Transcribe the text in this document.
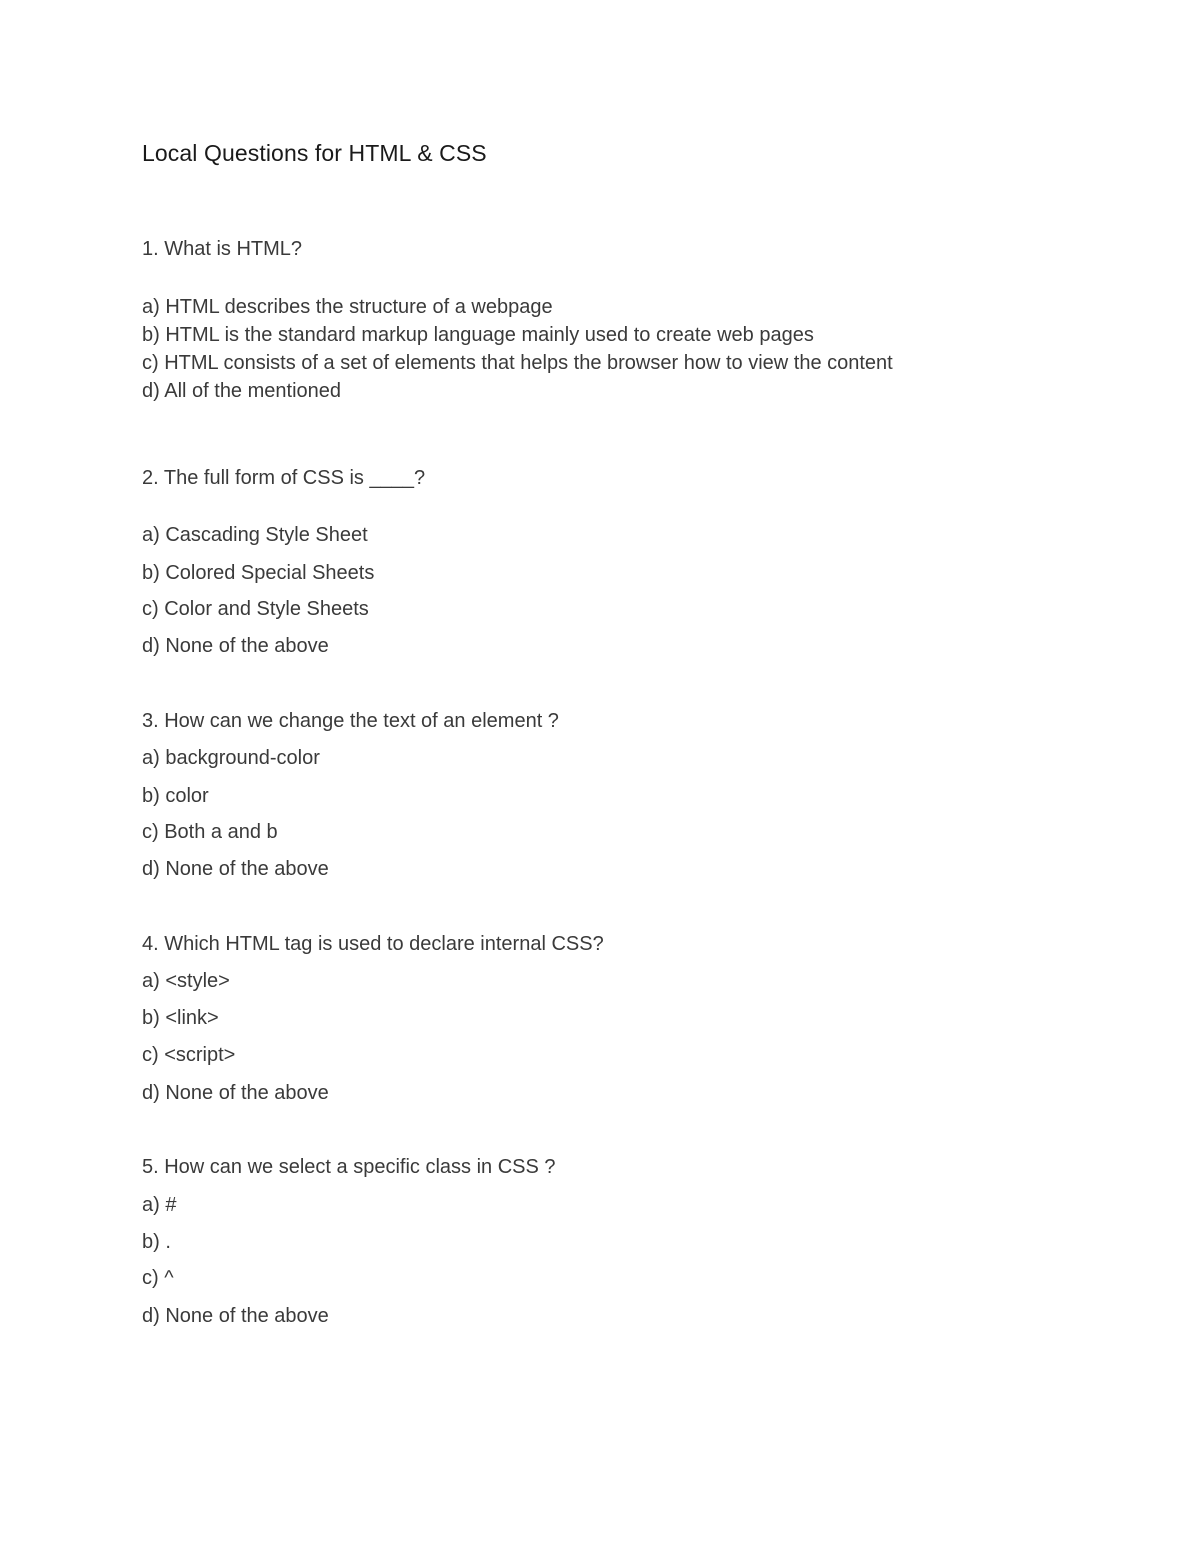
Local Questions for HTML & CSS
1. What is HTML?
a) HTML describes the structure of a webpage
b) HTML is the standard markup language mainly used to create web pages
c) HTML consists of a set of elements that helps the browser how to view the content
d) All of the mentioned
2. The full form of CSS is ____?
a) Cascading Style Sheet
b) Colored Special Sheets
c) Color and Style Sheets
d) None of the above
3. How can we change the text of an element ?
a) background-color
b) color
c) Both a and b
d) None of the above
4. Which HTML tag is used to declare internal CSS?
a) <style>
b) <link>
c) <script>
d) None of the above
5. How can we select a specific class in CSS ?
a) #
b) .
c) ^
d) None of the above
